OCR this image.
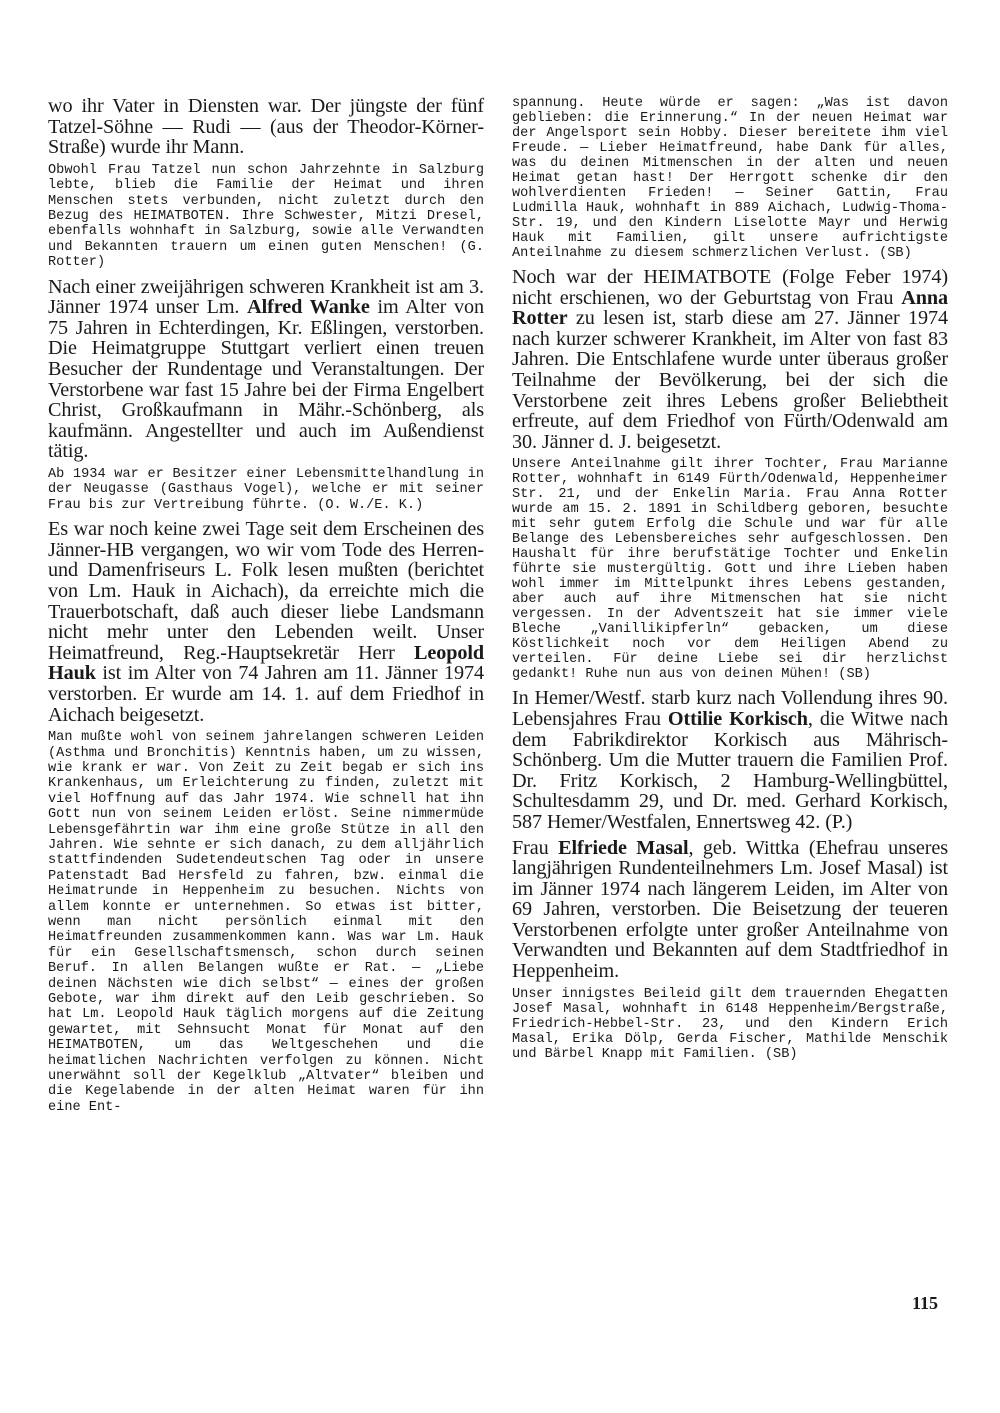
wo ihr Vater in Diensten war. Der jüngste der fünf Tatzel-Söhne — Rudi — (aus der Theodor-Körner-Straße) wurde ihr Mann.

Obwohl Frau Tatzel nun schon Jahrzehnte in Salzburg lebte, blieb die Familie der Heimat und ihren Menschen stets verbunden, nicht zuletzt durch den Bezug des HEIMATBOTEN. Ihre Schwester, Mitzi Dresel, ebenfalls wohnhaft in Salzburg, sowie alle Verwandten und Bekannten trauern um einen guten Menschen! (G. Rotter)

Nach einer zweijährigen schweren Krankheit ist am 3. Jänner 1974 unser Lm. Alfred Wanke im Alter von 75 Jahren in Echterdingen, Kr. Eßlingen, verstorben. Die Heimatgruppe Stuttgart verliert einen treuen Besucher der Rundentage und Veranstaltungen. Der Verstorbene war fast 15 Jahre bei der Firma Engelbert Christ, Großkaufmann in Mähr.-Schönberg, als kaufmänn. Angestellter und auch im Außendienst tätig.

Ab 1934 war er Besitzer einer Lebensmittelhandlung in der Neugasse (Gasthaus Vogel), welche er mit seiner Frau bis zur Vertreibung führte. (O. W./E. K.)

Es war noch keine zwei Tage seit dem Erscheinen des Jänner-HB vergangen, wo wir vom Tode des Herren- und Damenfriseurs L. Folk lesen mußten (berichtet von Lm. Hauk in Aichach), da erreichte mich die Trauerbotschaft, daß auch dieser liebe Landsmann nicht mehr unter den Lebenden weilt. Unser Heimatfreund, Reg.-Hauptsekretär Herr Leopold Hauk ist im Alter von 74 Jahren am 11. Jänner 1974 verstorben. Er wurde am 14. 1. auf dem Friedhof in Aichach beigesetzt.

Man mußte wohl von seinem jahrelangen schweren Leiden (Asthma und Bronchitis) Kenntnis haben, um zu wissen, wie krank er war. Von Zeit zu Zeit begab er sich ins Krankenhaus, um Erleichterung zu finden, zuletzt mit viel Hoffnung auf das Jahr 1974. Wie schnell hat ihn Gott nun von seinem Leiden erlöst. Seine nimmermüde Lebensgefährtin war ihm eine große Stütze in all den Jahren. Wie sehnte er sich danach, zu dem alljährlich stattfindenden Sudetendeutschen Tag oder in unsere Patenstadt Bad Hersfeld zu fahren, bzw. einmal die Heimatrunde in Heppenheim zu besuchen. Nichts von allem konnte er unternehmen. So etwas ist bitter, wenn man nicht persönlich einmal mit den Heimatfreunden zusammenkommen kann. Was war Lm. Hauk für ein Gesellschaftsmensch, schon durch seinen Beruf. In allen Belangen wußte er Rat. — „Liebe deinen Nächsten wie dich selbst“ — eines der großen Gebote, war ihm direkt auf den Leib geschrieben. So hat Lm. Leopold Hauk täglich morgens auf die Zeitung gewartet, mit Sehnsucht Monat für Monat auf den HEIMATBOTEN, um das Weltgeschehen und die heimatlichen Nachrichten verfolgen zu können. Nicht unerwähnt soll der Kegelklub „Altvater“ bleiben und die Kegelabende in der alten Heimat waren für ihn eine Ent-

spannung. Heute würde er sagen: „Was ist davon geblieben: die Erinnerung.“ In der neuen Heimat war der Angelsport sein Hobby. Dieser bereitete ihm viel Freude. — Lieber Heimatfreund, habe Dank für alles, was du deinen Mitmenschen in der alten und neuen Heimat getan hast! Der Herrgott schenke dir den wohlverdienten Frieden! — Seiner Gattin, Frau Ludmilla Hauk, wohnhaft in 889 Aichach, Ludwig-Thoma-Str. 19, und den Kindern Liselotte Mayr und Herwig Hauk mit Familien, gilt unsere aufrichtigste Anteilnahme zu diesem schmerzlichen Verlust. (SB)

Noch war der HEIMATBOTE (Folge Feber 1974) nicht erschienen, wo der Geburtstag von Frau Anna Rotter zu lesen ist, starb diese am 27. Jänner 1974 nach kurzer schwerer Krankheit, im Alter von fast 83 Jahren. Die Entschlafene wurde unter überaus großer Teilnahme der Bevölkerung, bei der sich die Verstorbene zeit ihres Lebens großer Beliebtheit erfreute, auf dem Friedhof von Fürth/Odenwald am 30. Jänner d. J. beigesetzt.

Unsere Anteilnahme gilt ihrer Tochter, Frau Marianne Rotter, wohnhaft in 6149 Fürth/Odenwald, Heppenheimer Str. 21, und der Enkelin Maria. Frau Anna Rotter wurde am 15. 2. 1891 in Schildberg geboren, besuchte mit sehr gutem Erfolg die Schule und war für alle Belange des Lebensbereiches sehr aufgeschlossen. Den Haushalt für ihre berufstätige Tochter und Enkelin führte sie mustergültig. Gott und ihre Lieben haben wohl immer im Mittelpunkt ihres Lebens gestanden, aber auch auf ihre Mitmenschen hat sie nicht vergessen. In der Adventszeit hat sie immer viele Bleche „Vanillikipferln“ gebacken, um diese Köstlichkeit noch vor dem Heiligen Abend zu verteilen. Für deine Liebe sei dir herzlichst gedankt! Ruhe nun aus von deinen Mühen! (SB)

In Hemer/Westf. starb kurz nach Vollendung ihres 90. Lebensjahres Frau Ottilie Korkisch, die Witwe nach dem Fabrikdirektor Korkisch aus Mährisch-Schönberg. Um die Mutter trauern die Familien Prof. Dr. Fritz Korkisch, 2 Hamburg-Wellingbüttel, Schultesdamm 29, und Dr. med. Gerhard Korkisch, 587 Hemer/Westfalen, Ennertsweg 42. (P.)

Frau Elfriede Masal, geb. Wittka (Ehefrau unseres langjährigen Rundenteilnehmers Lm. Josef Masal) ist im Jänner 1974 nach längerem Leiden, im Alter von 69 Jahren, verstorben. Die Beisetzung der teueren Verstorbenen erfolgte unter großer Anteilnahme von Verwandten und Bekannten auf dem Stadtfriedhof in Heppenheim.

Unser innigstes Beileid gilt dem trauernden Ehegatten Josef Masal, wohnhaft in 6148 Heppenheim/Bergstraße, Friedrich-Hebbel-Str. 23, und den Kindern Erich Masal, Erika Dölp, Gerda Fischer, Mathilde Menschik und Bärbel Knapp mit Familien. (SB)

115
